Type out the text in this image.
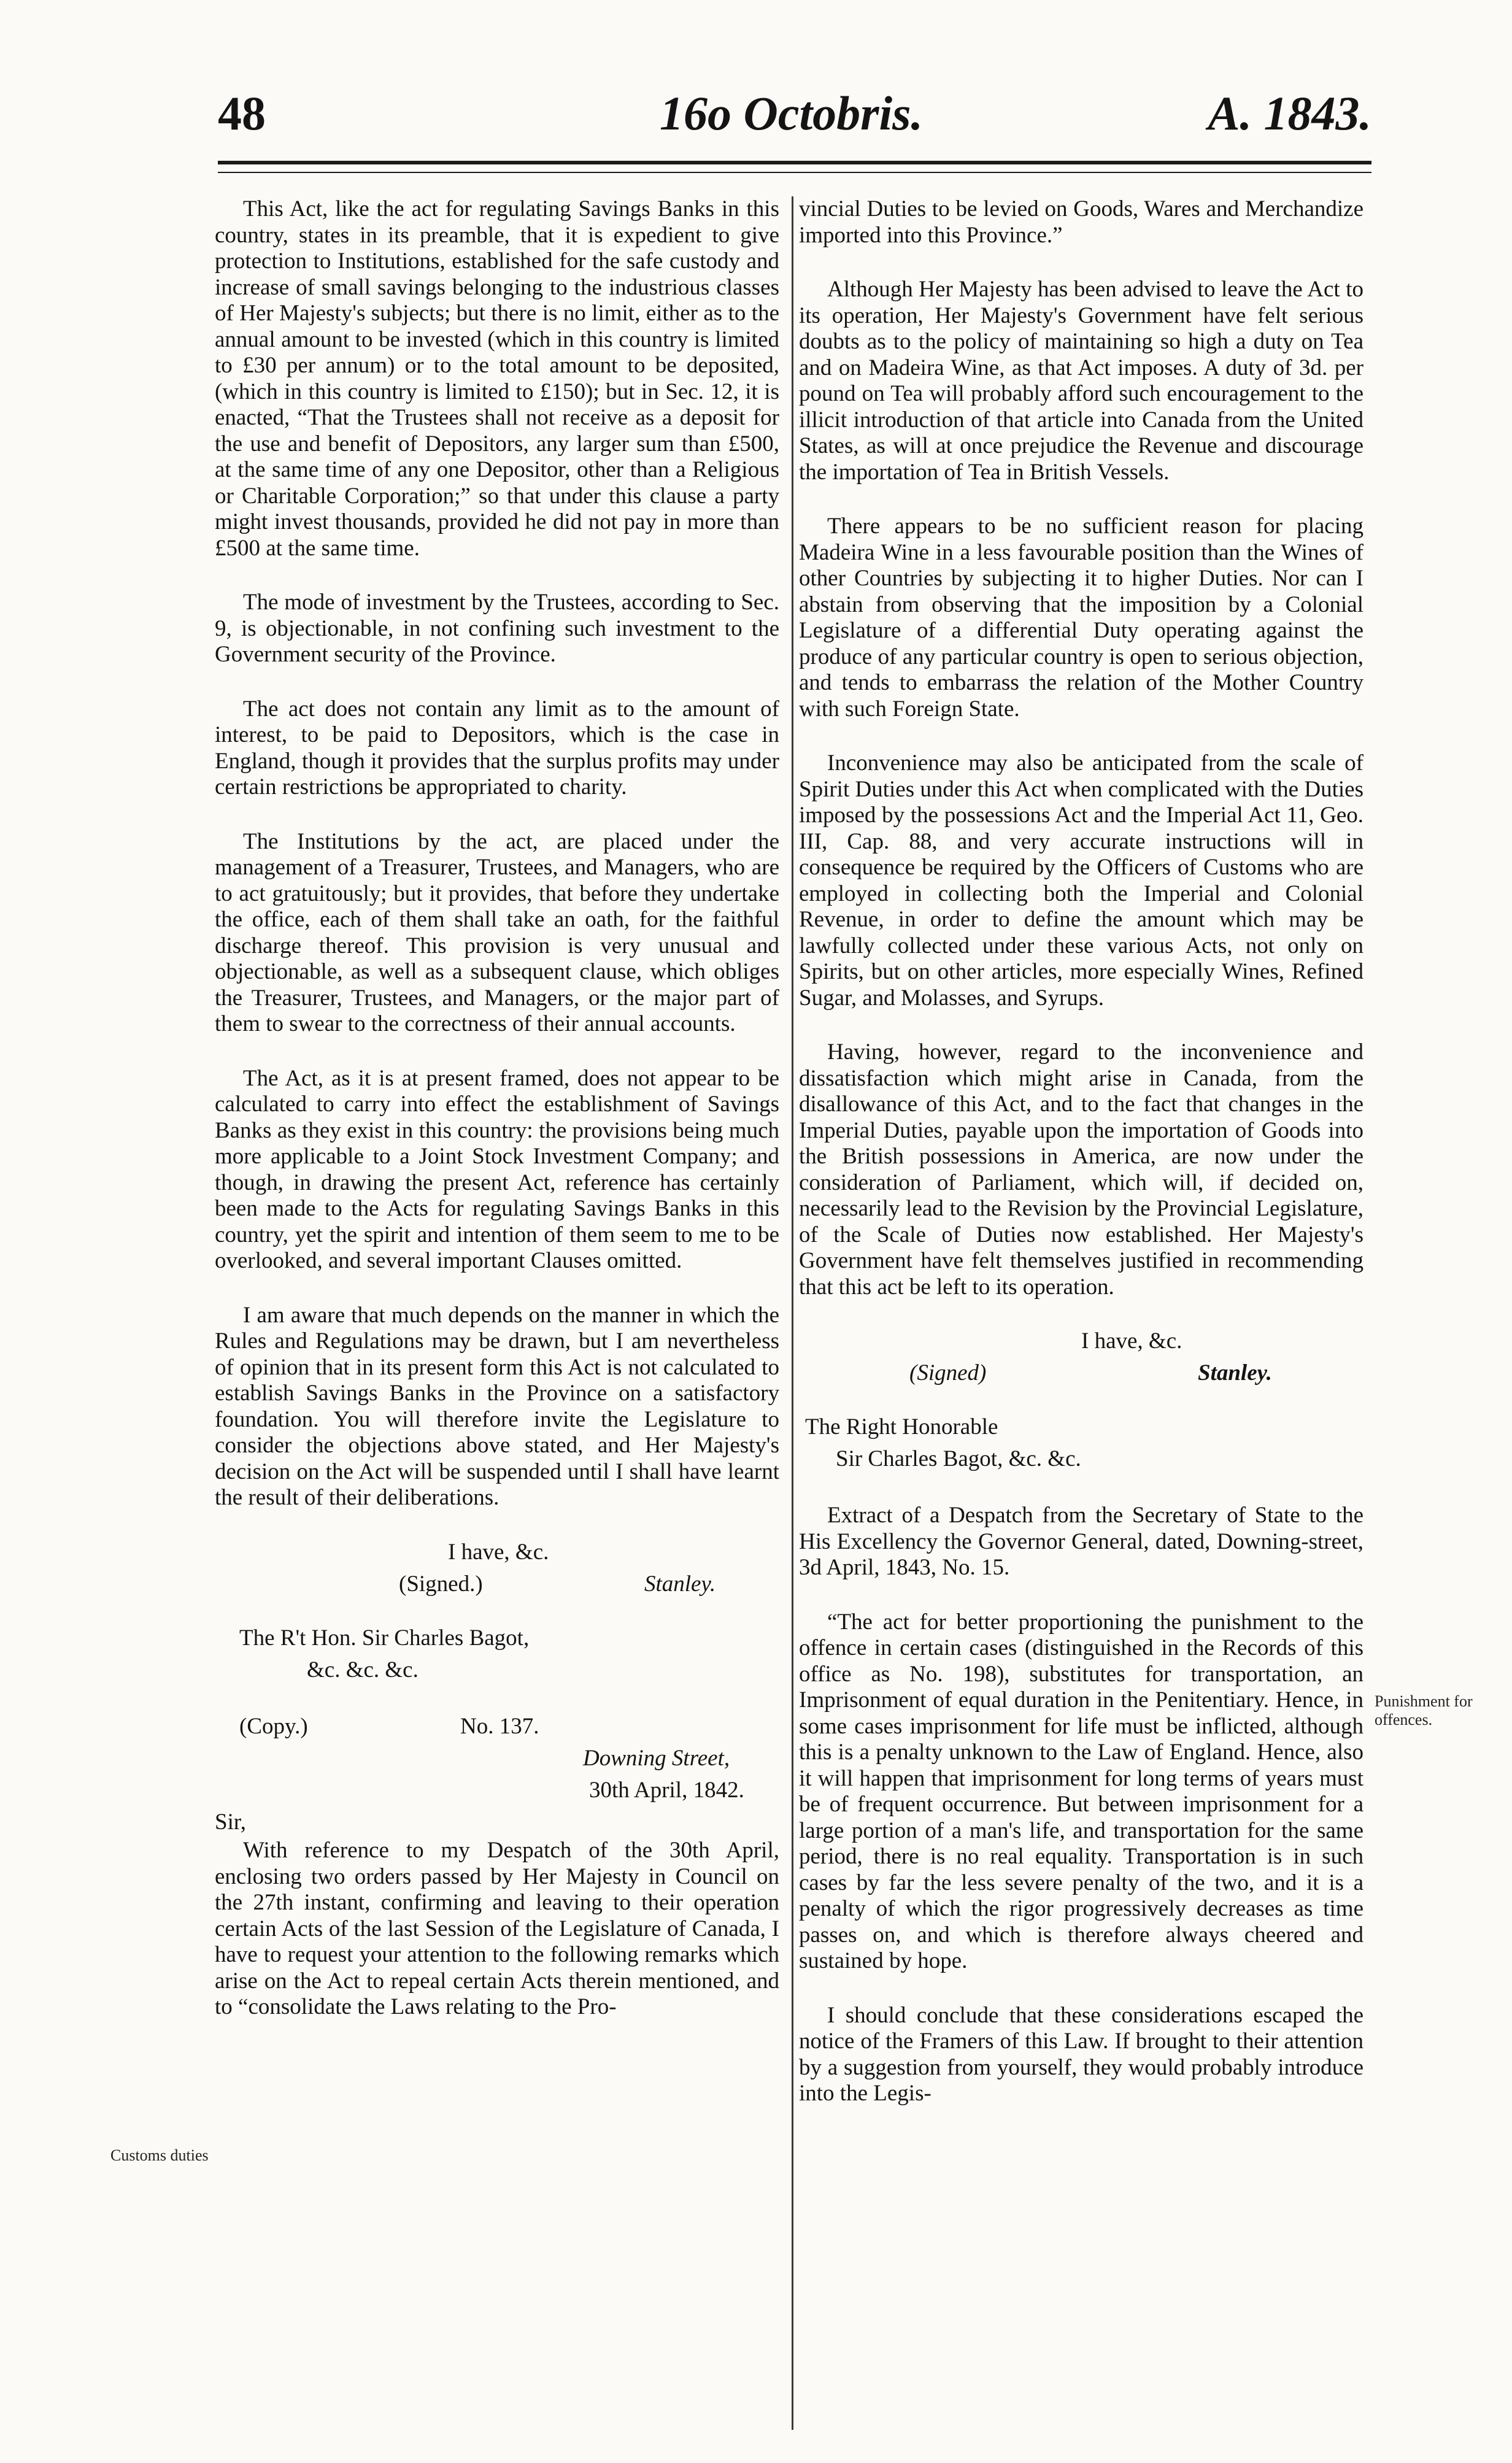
48	16o Octobris.	A. 1843.

This Act, like the act for regulating Savings Banks in this country, states in its preamble, that it is expedient to give protection to Institutions, established for the safe custody and increase of small savings belonging to the industrious classes of Her Majesty's subjects; but there is no limit, either as to the annual amount to be invested (which in this country is limited to £30 per annum) or to the total amount to be deposited, (which in this country is limited to £150); but in Sec. 12, it is enacted, “That the Trustees shall not receive as a deposit for the use and benefit of Depositors, any larger sum than £500, at the same time of any one Depositor, other than a Religious or Charitable Corporation;” so that under this clause a party might invest thousands, provided he did not pay in more than £500 at the same time.

The mode of investment by the Trustees, according to Sec. 9, is objectionable, in not confining such investment to the Government security of the Province.

The act does not contain any limit as to the amount of interest, to be paid to Depositors, which is the case in England, though it provides that the surplus profits may under certain restrictions be appropriated to charity.

The Institutions by the act, are placed under the management of a Treasurer, Trustees, and Managers, who are to act gratuitously; but it provides, that before they undertake the office, each of them shall take an oath, for the faithful discharge thereof. This provision is very unusual and objectionable, as well as a subsequent clause, which obliges the Treasurer, Trustees, and Managers, or the major part of them to swear to the correctness of their annual accounts.

The Act, as it is at present framed, does not appear to be calculated to carry into effect the establishment of Savings Banks as they exist in this country: the provisions being much more applicable to a Joint Stock Investment Company; and though, in drawing the present Act, reference has certainly been made to the Acts for regulating Savings Banks in this country, yet the spirit and intention of them seem to me to be overlooked, and several important Clauses omitted.

I am aware that much depends on the manner in which the Rules and Regulations may be drawn, but I am nevertheless of opinion that in its present form this Act is not calculated to establish Savings Banks in the Province on a satisfactory foundation. You will therefore invite the Legislature to consider the objections above stated, and Her Majesty's decision on the Act will be suspended until I shall have learnt the result of their deliberations.

I have, &c.
(Signed.)	Stanley.
The R't Hon. Sir Charles Bagot,
&c. &c. &c.
(Copy.)	No. 137.
Downing Street,
30th April, 1842.

Sir,

With reference to my Despatch of the 30th April, enclosing two orders passed by Her Majesty in Council on the 27th instant, confirming and leaving to their operation certain Acts of the last Session of the Legislature of Canada, I have to request your attention to the following remarks which arise on the Act to repeal certain Acts therein mentioned, and to “consolidate the Laws relating to the Pro-

vincial Duties to be levied on Goods, Wares and Merchandize imported into this Province.”

Although Her Majesty has been advised to leave the Act to its operation, Her Majesty's Government have felt serious doubts as to the policy of maintaining so high a duty on Tea and on Madeira Wine, as that Act imposes. A duty of 3d. per pound on Tea will probably afford such encouragement to the illicit introduction of that article into Canada from the United States, as will at once prejudice the Revenue and discourage the importation of Tea in British Vessels.

There appears to be no sufficient reason for placing Madeira Wine in a less favourable position than the Wines of other Countries by subjecting it to higher Duties. Nor can I abstain from observing that the imposition by a Colonial Legislature of a differential Duty operating against the produce of any particular country is open to serious objection, and tends to embarrass the relation of the Mother Country with such Foreign State.

Inconvenience may also be anticipated from the scale of Spirit Duties under this Act when complicated with the Duties imposed by the possessions Act and the Imperial Act 11, Geo. III, Cap. 88, and very accurate instructions will in consequence be required by the Officers of Customs who are employed in collecting both the Imperial and Colonial Revenue, in order to define the amount which may be lawfully collected under these various Acts, not only on Spirits, but on other articles, more especially Wines, Refined Sugar, and Molasses, and Syrups.

Having, however, regard to the inconvenience and dissatisfaction which might arise in Canada, from the disallowance of this Act, and to the fact that changes in the Imperial Duties, payable upon the importation of Goods into the British possessions in America, are now under the consideration of Parliament, which will, if decided on, necessarily lead to the Revision by the Provincial Legislature, of the Scale of Duties now established. Her Majesty's Government have felt themselves justified in recommending that this act be left to its operation.

I have, &c.
(Signed)	Stanley.
The Right Honorable
Sir Charles Bagot, &c. &c.

Extract of a Despatch from the Secretary of State to the His Excellency the Governor General, dated, Downing-street, 3d April, 1843, No. 15.

“The act for better proportioning the punishment to the offence in certain cases (distinguished in the Records of this office as No. 198), substitutes for transportation, an Imprisonment of equal duration in the Penitentiary. Hence, in some cases imprisonment for life must be inflicted, although this is a penalty unknown to the Law of England. Hence, also it will happen that imprisonment for long terms of years must be of frequent occurrence. But between imprisonment for a large portion of a man's life, and transportation for the same period, there is no real equality. Transportation is in such cases by far the less severe penalty of the two, and it is a penalty of which the rigor progressively decreases as time passes on, and which is therefore always cheered and sustained by hope.

I should conclude that these considerations escaped the notice of the Framers of this Law. If brought to their attention by a suggestion from yourself, they would probably introduce into the Legis-

Customs duties
Punishment for offences.
